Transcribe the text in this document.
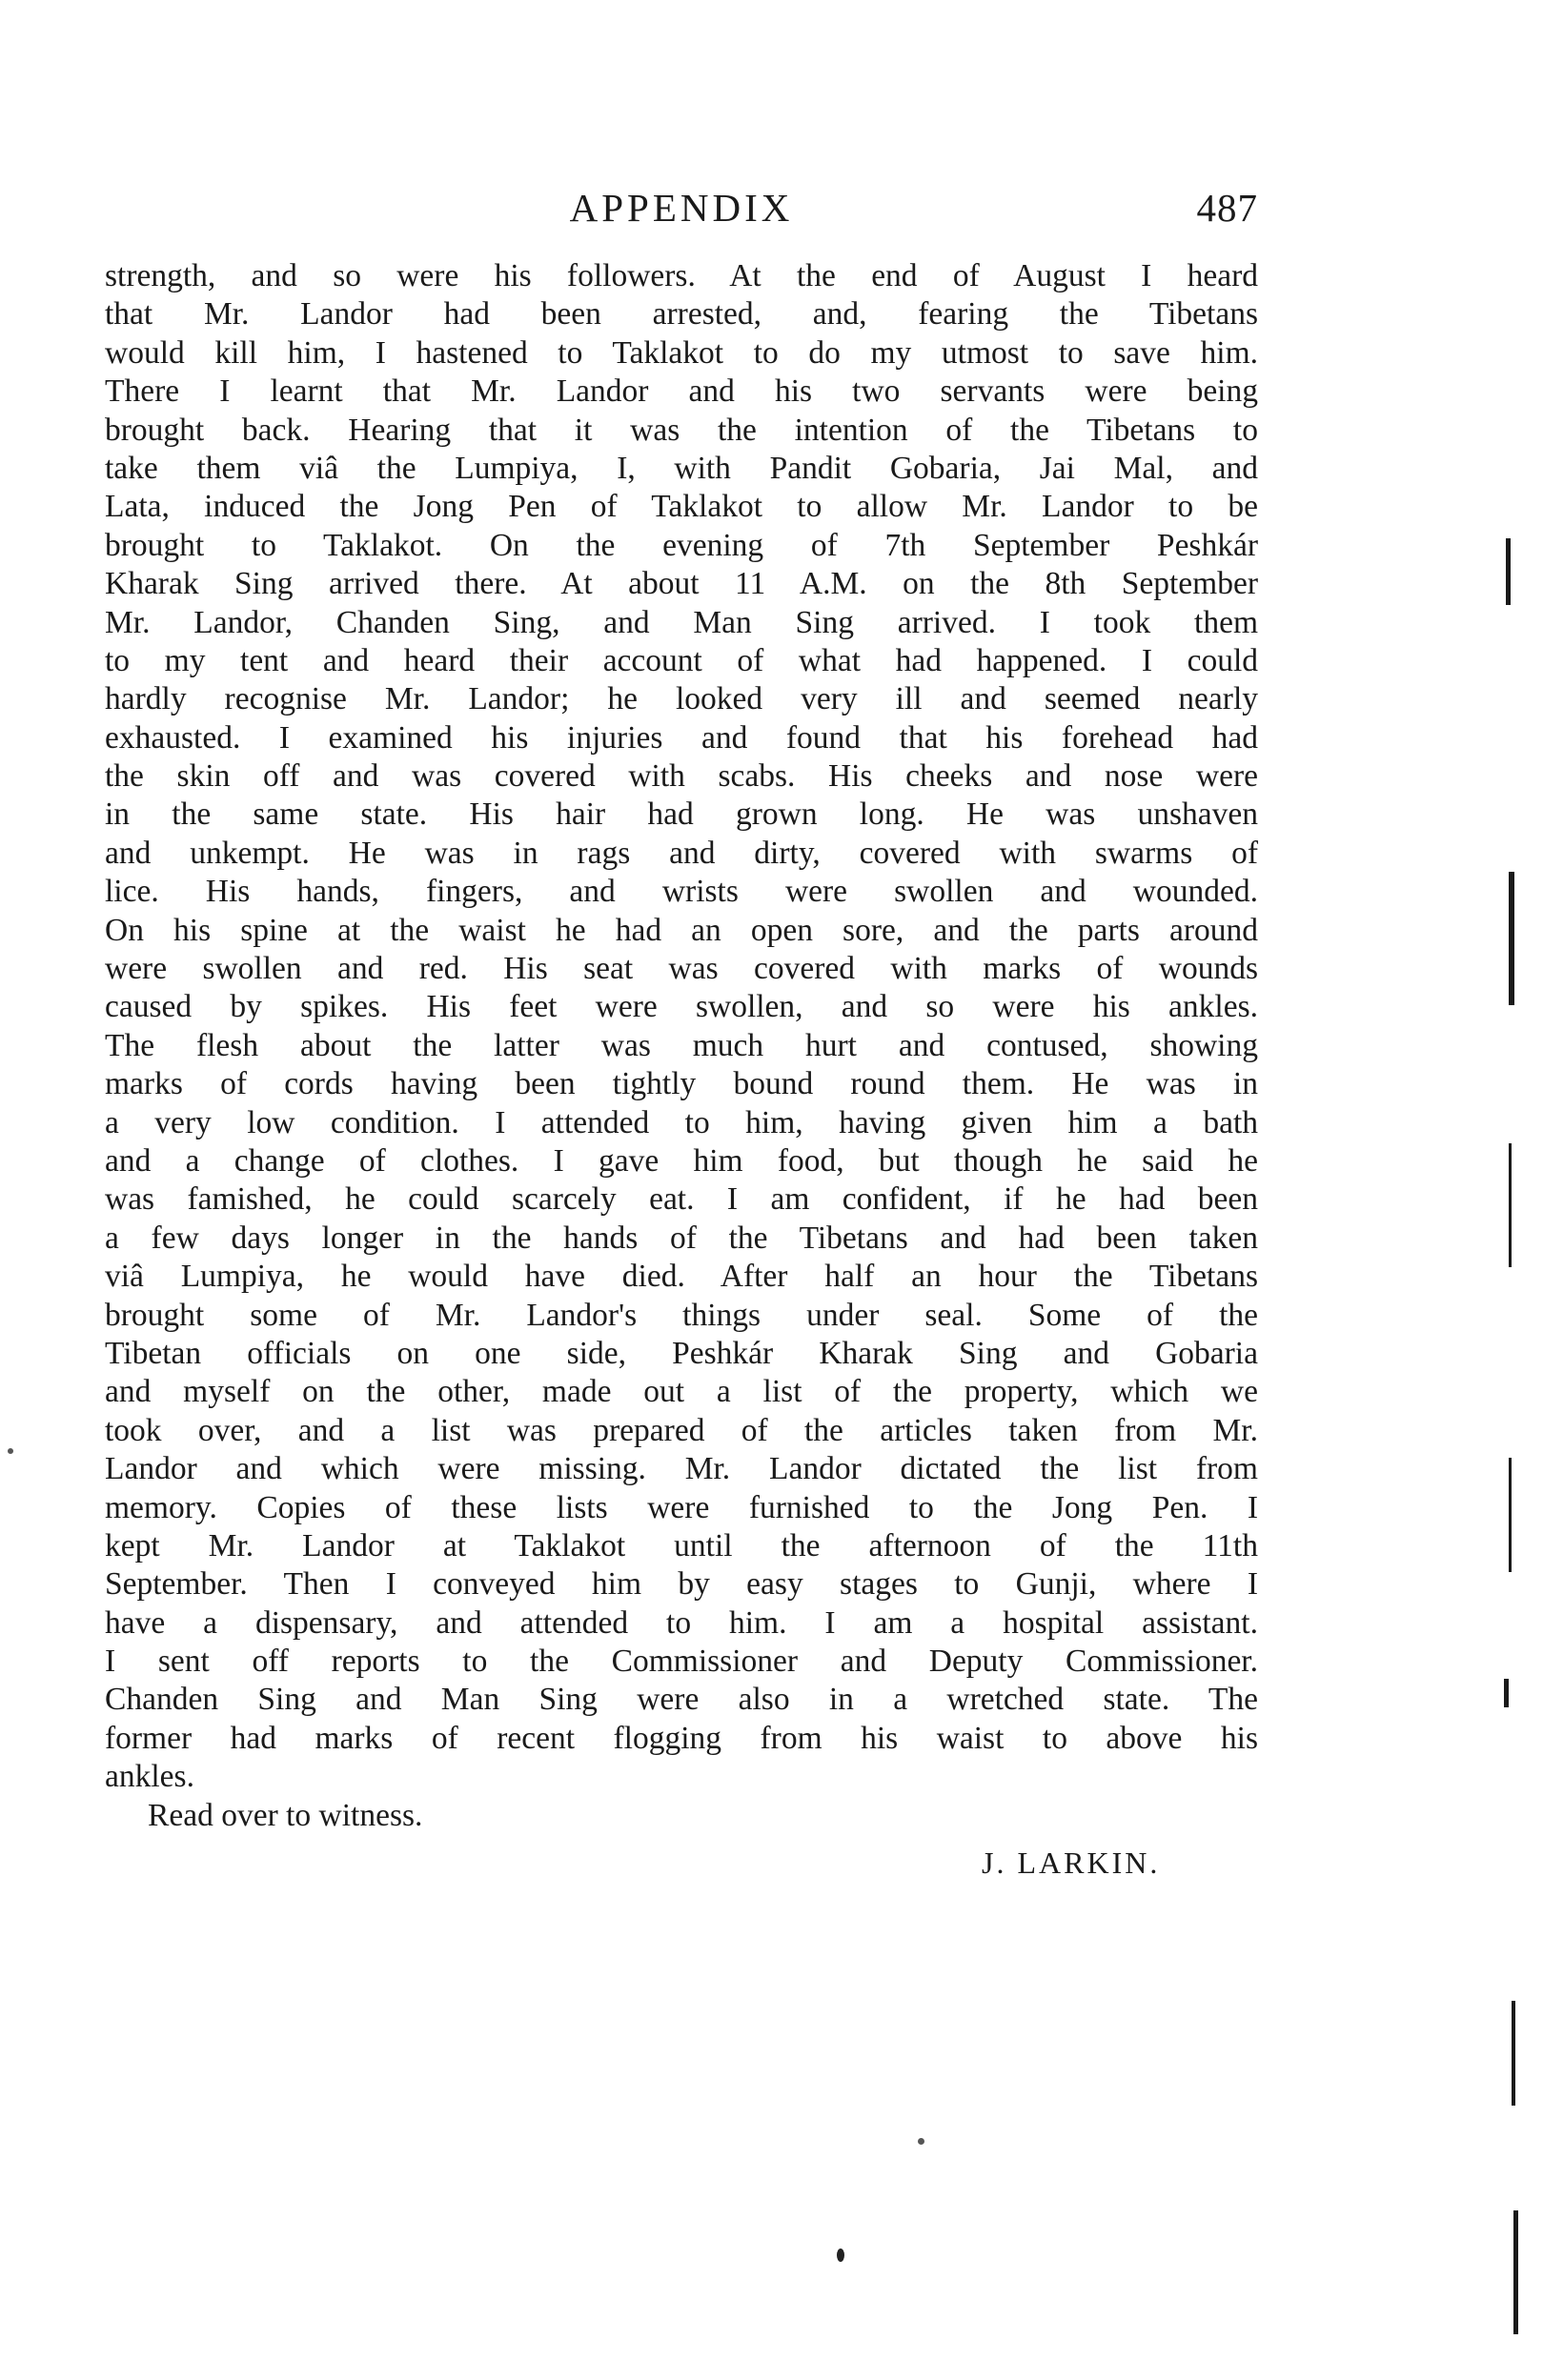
APPENDIX	487
strength, and so were his followers. At the end of August I heard
that Mr. Landor had been arrested, and, fearing the Tibetans
would kill him, I hastened to Taklakot to do my utmost to save him.
There I learnt that Mr. Landor and his two servants were being
brought back. Hearing that it was the intention of the Tibetans to
take them viâ the Lumpiya, I, with Pandit Gobaria, Jai Mal, and
Lata, induced the Jong Pen of Taklakot to allow Mr. Landor to be
brought to Taklakot. On the evening of 7th September Peshkár
Kharak Sing arrived there. At about 11 A.M. on the 8th September
Mr. Landor, Chanden Sing, and Man Sing arrived. I took them
to my tent and heard their account of what had happened. I could
hardly recognise Mr. Landor; he looked very ill and seemed nearly
exhausted. I examined his injuries and found that his forehead had
the skin off and was covered with scabs. His cheeks and nose were
in the same state. His hair had grown long. He was unshaven
and unkempt. He was in rags and dirty, covered with swarms of
lice. His hands, fingers, and wrists were swollen and wounded.
On his spine at the waist he had an open sore, and the parts around
were swollen and red. His seat was covered with marks of wounds
caused by spikes. His feet were swollen, and so were his ankles.
The flesh about the latter was much hurt and contused, showing
marks of cords having been tightly bound round them. He was in
a very low condition. I attended to him, having given him a bath
and a change of clothes. I gave him food, but though he said he
was famished, he could scarcely eat. I am confident, if he had been
a few days longer in the hands of the Tibetans and had been taken
viâ Lumpiya, he would have died. After half an hour the Tibetans
brought some of Mr. Landor's things under seal. Some of the
Tibetan officials on one side, Peshkár Kharak Sing and Gobaria
and myself on the other, made out a list of the property, which we
took over, and a list was prepared of the articles taken from Mr.
Landor and which were missing. Mr. Landor dictated the list from
memory. Copies of these lists were furnished to the Jong Pen. I
kept Mr. Landor at Taklakot until the afternoon of the 11th
September. Then I conveyed him by easy stages to Gunji, where I
have a dispensary, and attended to him. I am a hospital assistant.
I sent off reports to the Commissioner and Deputy Commissioner.
Chanden Sing and Man Sing were also in a wretched state. The
former had marks of recent flogging from his waist to above his
ankles.
Read over to witness.
J. LARKIN.
